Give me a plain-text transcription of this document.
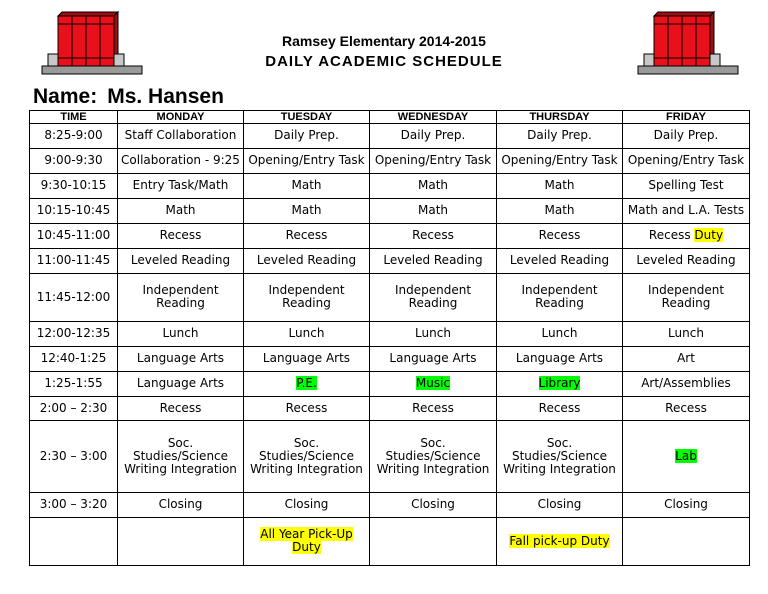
Ramsey Elementary 2014-2015
DAILY ACADEMIC SCHEDULE
Name: Ms. Hansen
TIME	MONDAY	TUESDAY	WEDNESDAY	THURSDAY	FRIDAY
8:25-9:00	Staff Collaboration	Daily Prep.	Daily Prep.	Daily Prep.	Daily Prep.
9:00-9:30	Collaboration - 9:25	Opening/Entry Task	Opening/Entry Task	Opening/Entry Task	Opening/Entry Task
9:30-10:15	Entry Task/Math	Math	Math	Math	Spelling Test
10:15-10:45	Math	Math	Math	Math	Math and L.A. Tests
10:45-11:00	Recess	Recess	Recess	Recess	Recess Duty
11:00-11:45	Leveled Reading	Leveled Reading	Leveled Reading	Leveled Reading	Leveled Reading
11:45-12:00	Independent Reading	Independent Reading	Independent Reading	Independent Reading	Independent Reading
12:00-12:35	Lunch	Lunch	Lunch	Lunch	Lunch
12:40-1:25	Language Arts	Language Arts	Language Arts	Language Arts	Art
1:25-1:55	Language Arts	P.E.	Music	Library	Art/Assemblies
2:00 – 2:30	Recess	Recess	Recess	Recess	Recess
2:30 – 3:00	Soc. Studies/Science Writing Integration	Soc. Studies/Science Writing Integration	Soc. Studies/Science Writing Integration	Soc. Studies/Science Writing Integration	Lab
3:00 – 3:20	Closing	Closing	Closing	Closing	Closing
		All Year Pick-Up Duty		Fall pick-up Duty	
